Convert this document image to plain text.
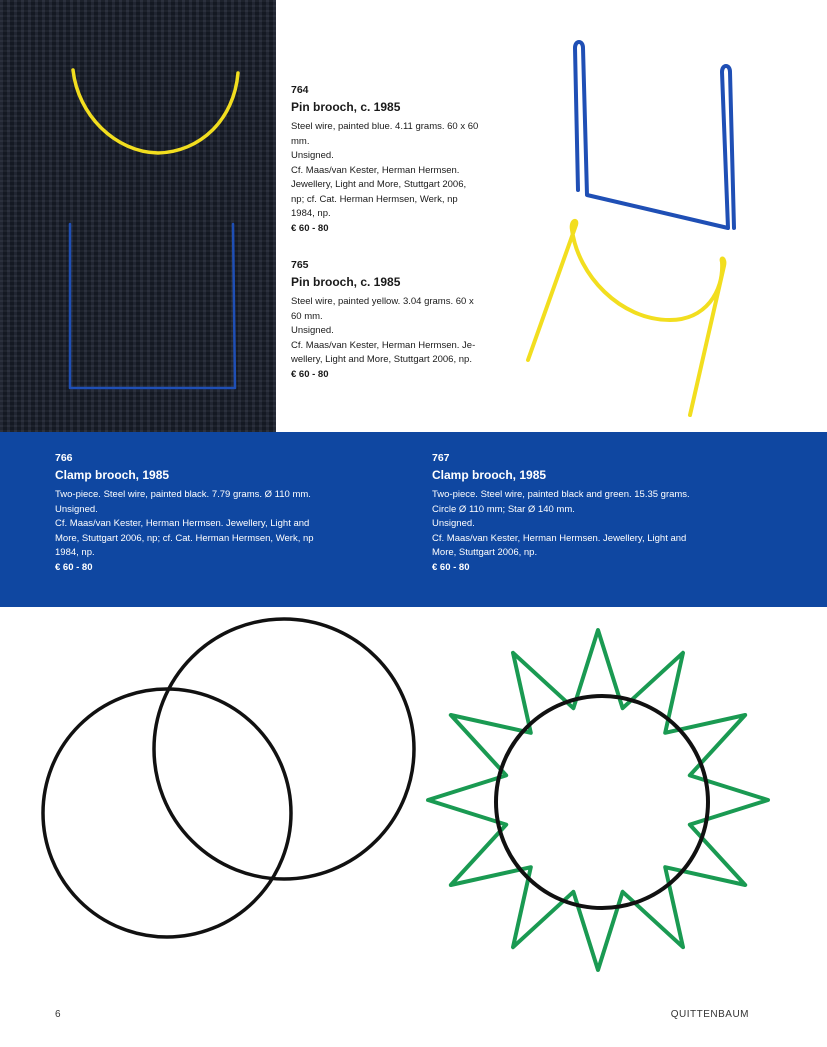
764
Pin brooch, c. 1985
Steel wire, painted blue. 4.11 grams. 60 x 60
mm.
Unsigned.
Cf. Maas/van Kester, Herman Hermsen.
Jewellery, Light and More, Stuttgart 2006,
np; cf. Cat. Herman Hermsen, Werk, np
1984, np.
€ 60 - 80
765
Pin brooch, c. 1985
Steel wire, painted yellow. 3.04 grams. 60 x
60 mm.
Unsigned.
Cf. Maas/van Kester, Herman Hermsen. Je-
wellery, Light and More, Stuttgart 2006, np.
€ 60 - 80
766
Clamp brooch, 1985
Two-piece. Steel wire, painted black. 7.79 grams. Ø 110 mm.
Unsigned.
Cf. Maas/van Kester, Herman Hermsen. Jewellery, Light and
More, Stuttgart 2006, np; cf. Cat. Herman Hermsen, Werk, np
1984, np.
€ 60 - 80
767
Clamp brooch, 1985
Two-piece. Steel wire, painted black and green. 15.35 grams.
Circle Ø 110 mm; Star Ø 140 mm.
Unsigned.
Cf. Maas/van Kester, Herman Hermsen. Jewellery, Light and
More, Stuttgart 2006, np.
€ 60 - 80
6	QUITTENBAUM
